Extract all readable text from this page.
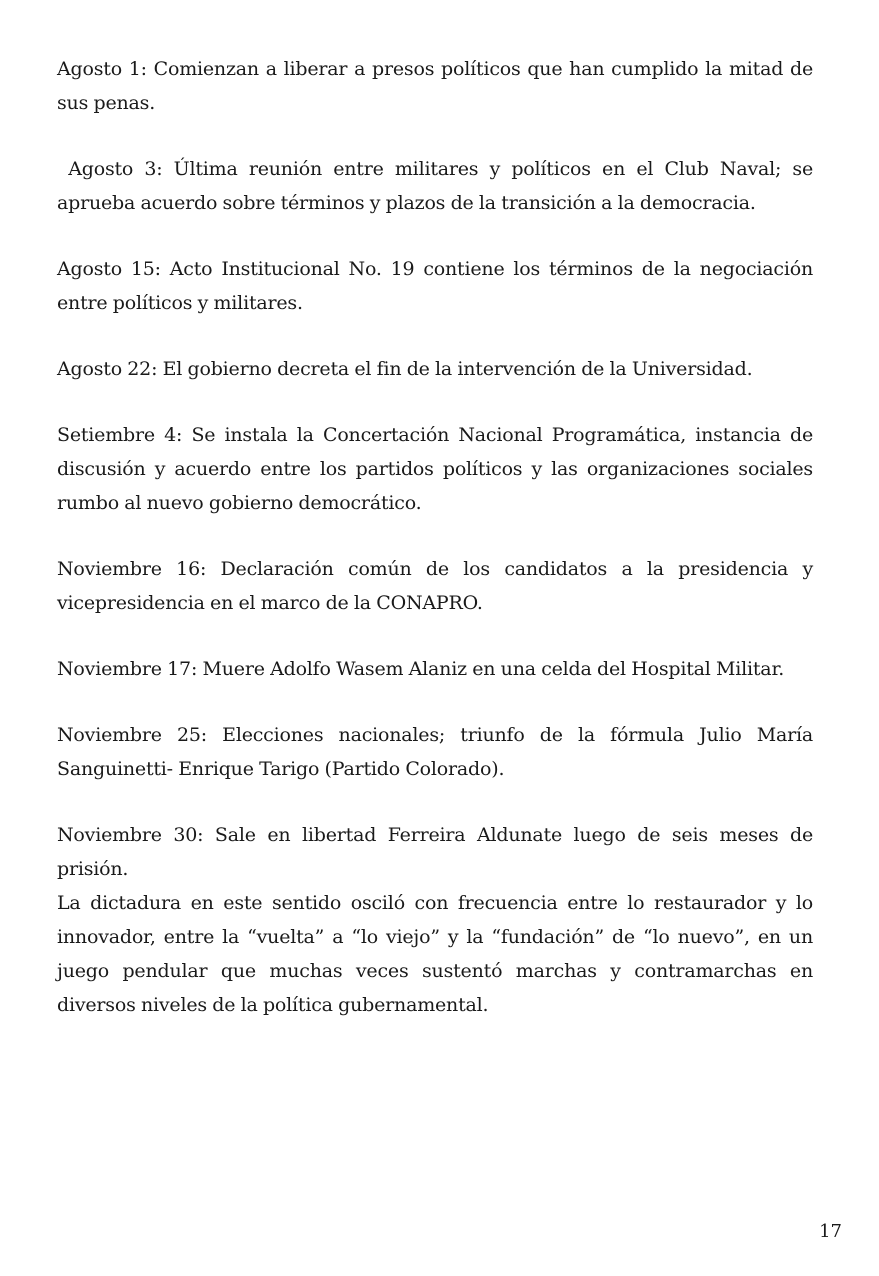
Agosto 1: Comienzan a liberar a presos políticos que han cumplido la mitad de sus penas.

Agosto 3: Última reunión entre militares y políticos en el Club Naval; se aprueba acuerdo sobre términos y plazos de la transición a la democracia.

Agosto 15: Acto Institucional No. 19 contiene los términos de la negociación entre políticos y militares.

Agosto 22: El gobierno decreta el fin de la intervención de la Universidad.

Setiembre 4: Se instala la Concertación Nacional Programática, instancia de discusión y acuerdo entre los partidos políticos y las organizaciones sociales rumbo al nuevo gobierno democrático.

Noviembre 16: Declaración común de los candidatos a la presidencia y vicepresidencia en el marco de la CONAPRO.

Noviembre 17: Muere Adolfo Wasem Alaniz en una celda del Hospital Militar.

Noviembre 25: Elecciones nacionales; triunfo de la fórmula Julio María Sanguinetti- Enrique Tarigo (Partido Colorado).

Noviembre 30: Sale en libertad Ferreira Aldunate luego de seis meses de prisión.

La dictadura en este sentido osciló con frecuencia entre lo restaurador y lo innovador, entre la “vuelta” a “lo viejo” y la “fundación” de “lo nuevo”, en un juego pendular que muchas veces sustentó marchas y contramarchas en diversos niveles de la política gubernamental.

17
